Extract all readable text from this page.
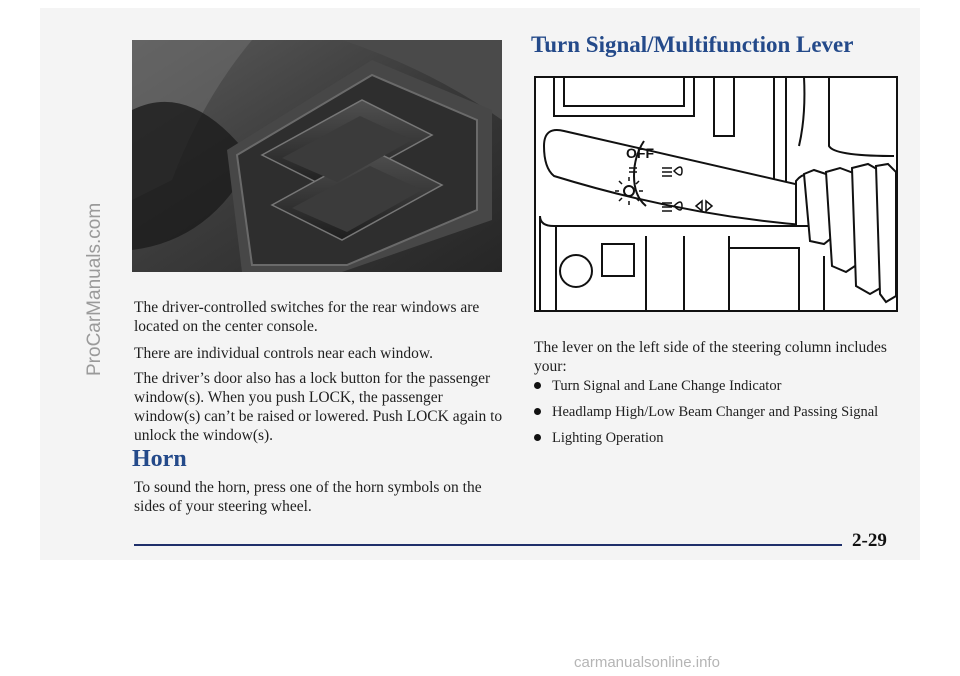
ProCarManuals.com
Turn Signal/Multifunction Lever
OFF

The driver-controlled switches for the rear windows are located on the center console.

There are individual controls near each window.

The driver’s door also has a lock button for the passenger window(s). When you push LOCK, the passenger window(s) can’t be raised or lowered. Push LOCK again to unlock the window(s).

Horn

To sound the horn, press one of the horn symbols on the sides of your steering wheel.

The lever on the left side of the steering column includes your:

Turn Signal and Lane Change Indicator
Headlamp High/Low Beam Changer and Passing Signal
Lighting Operation

2-29

carmanualsonline.info
